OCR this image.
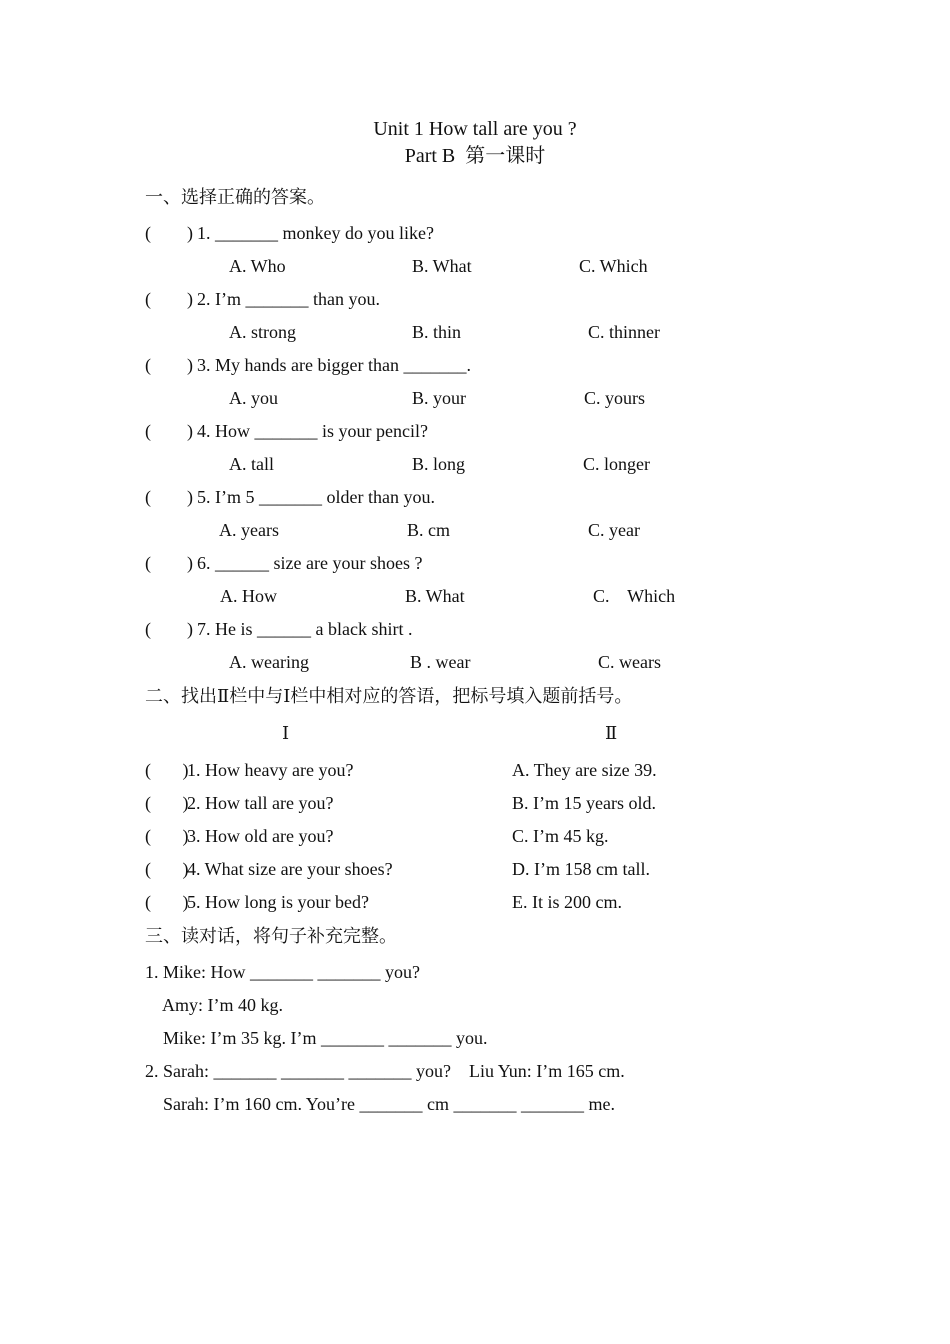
Unit 1 How tall are you ?
Part B  第一课时
一、选择正确的答案。
(        ) 1. _______ monkey do you like?
A. Who	B. What	C. Which
(        ) 2. I’m _______ than you.
A. strong	B. thin	C. thinner
(        ) 3. My hands are bigger than _______.
A. you	B. your	C. yours
(        ) 4. How _______ is your pencil?
A. tall	B. long	C. longer
(        ) 5. I’m 5 _______ older than you.
A. years	B. cm	C. year
(        ) 6. ______ size are your shoes ?
A. How	B. What	C.    Which
(        ) 7. He is ______ a black shirt .
A. wearing	B . wear	C. wears
二、找出Ⅱ栏中与Ⅰ栏中相对应的答语，把标号填入题前括号。
Ⅰ	Ⅱ
(       )
1. How heavy are you?	A. They are size 39.
(       )
2. How tall are you?	B. I’m 15 years old.
(       )
3. How old are you?	C. I’m 45 kg.
(       )
4. What size are your shoes?	D. I’m 158 cm tall.
(       )
5. How long is your bed?	E. It is 200 cm.
三、读对话，将句子补充完整。
1. Mike: How _______ _______ you?
Amy: I’m 40 kg.
Mike: I’m 35 kg. I’m _______ _______ you.
2. Sarah: _______ _______ _______ you?    Liu Yun: I’m 165 cm.
Sarah: I’m 160 cm. You’re _______ cm _______ _______ me.
